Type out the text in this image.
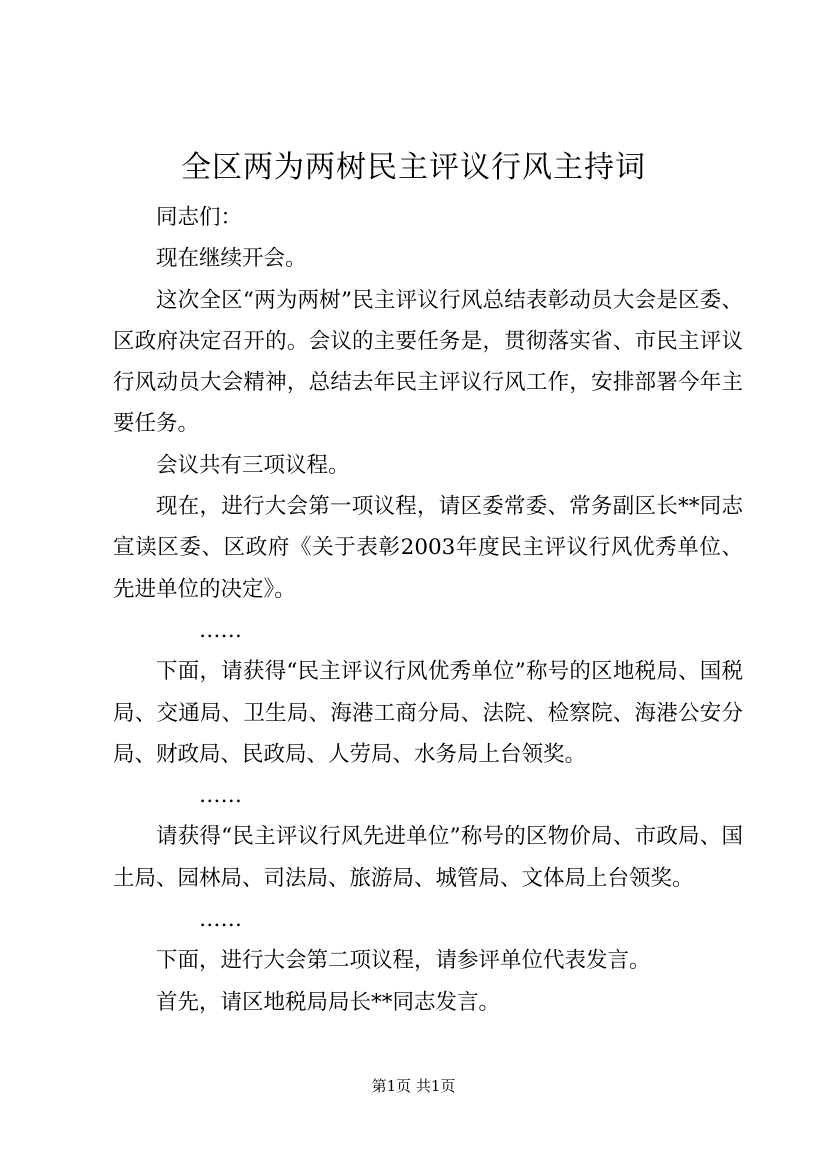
全区两为两树民主评议行风主持词

同志们：

现在继续开会。

这次全区“两为两树”民主评议行风总结表彰动员大会是区委、区政府决定召开的。会议的主要任务是，贯彻落实省、市民主评议行风动员大会精神，总结去年民主评议行风工作，安排部署今年主要任务。

会议共有三项议程。

现在，进行大会第一项议程，请区委常委、常务副区长**同志宣读区委、区政府《关于表彰2003年度民主评议行风优秀单位、先进单位的决定》。

……

下面，请获得“民主评议行风优秀单位”称号的区地税局、国税局、交通局、卫生局、海港工商分局、法院、检察院、海港公安分局、财政局、民政局、人劳局、水务局上台领奖。

……

请获得“民主评议行风先进单位”称号的区物价局、市政局、国土局、园林局、司法局、旅游局、城管局、文体局上台领奖。

……

下面，进行大会第二项议程，请参评单位代表发言。

首先，请区地税局局长**同志发言。

第1页 共1页
